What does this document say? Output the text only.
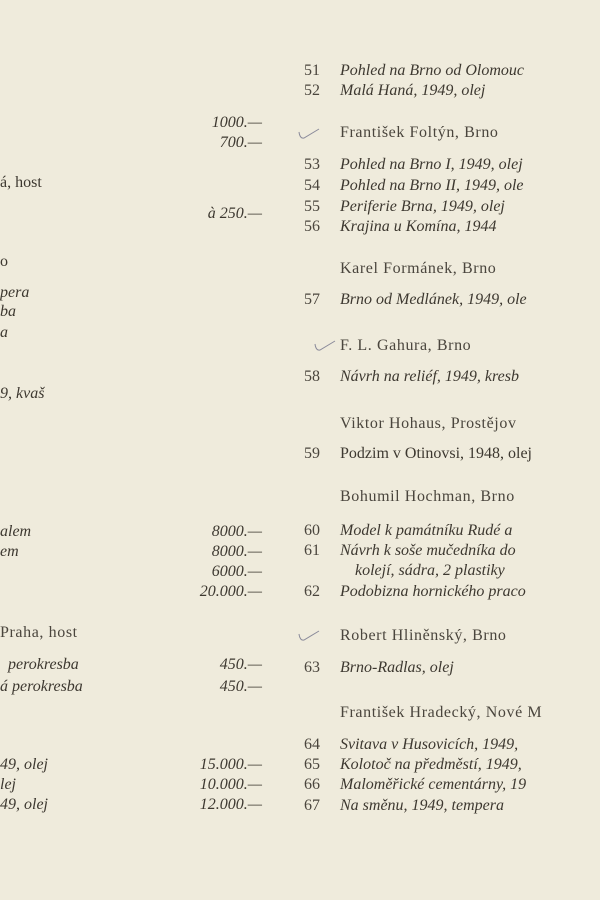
á, host
o
pera
ba
a
9, kvaš
alem
em
Praha, host
perokresba
á perokresba
49, olej
lej
49, olej
1000.—
700.—
à 250.—
8000.—
8000.—
6000.—
20.000.—
450.—
450.—
15.000.—
10.000.—
12.000.—
František Foltýn, Brno
Karel Formánek, Brno
F. L. Gahura, Brno
Viktor Hohaus, Prostějov
Bohumil Hochman, Brno
Robert Hliněnský, Brno
František Hradecký, Nové M
51 Pohled na Brno od Olomouc
52 Malá Haná, 1949, olej
53 Pohled na Brno I, 1949, olej
54 Pohled na Brno II, 1949, ole
55 Periferie Brna, 1949, olej
56 Krajina u Komína, 1944
57 Brno od Medlánek, 1949, ole
58 Návrh na reliéf, 1949, kresb
59 Podzim v Otinovsi, 1948, olej
60 Model k památníku Rudé a
61 Návrh k soše mučedníka do
kolejí, sádra, 2 plastiky
62 Podobizna hornického praco
63 Brno-Radlas, olej
64 Svitava v Husovicích, 1949,
65 Kolotoč na předměstí, 1949,
66 Maloměřické cementárny, 19
67 Na směnu, 1949, tempera
